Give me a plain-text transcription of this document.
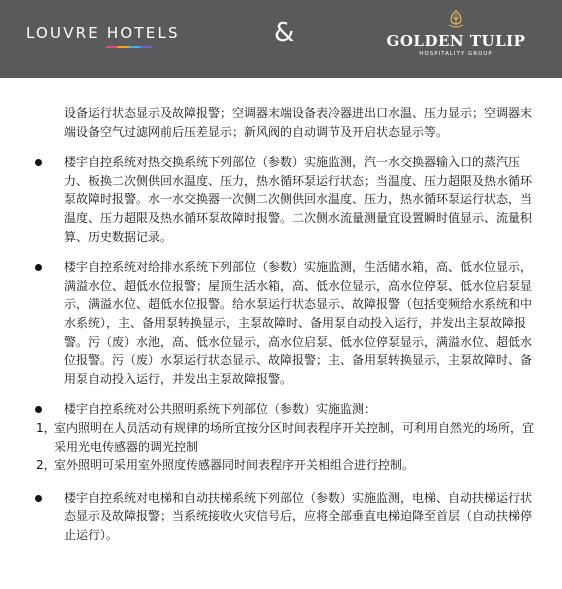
LOUVRE HOTELS	&	GOLDEN TULIP
HOSPITALITY GROUP
设备运行状态显示及故障报警；空调器末端设备表冷器进出口水温、压力显示；空调器末端设备空气过滤网前后压差显示；新风阀的自动调节及开启状态显示等。
楼宇自控系统对热交换系统下列部位（参数）实施监测，汽一水交换器输入口的蒸汽压力、板换二次侧供回水温度、压力，热水循环泵运行状态；当温度、压力超限及热水循环泵故障时报警。水一水交换器一次侧二次侧供回水温度、压力，热水循环泵运行状态，当温度、压力超限及热水循环泵故障时报警。二次侧水流量测量宜设置瞬时值显示、流量积算、历史数据记录。
楼宇自控系统对给排水系统下列部位（参数）实施监测，生活储水箱，高、低水位显示，满溢水位、超低水位报警；屋顶生活水箱，高、低水位显示，高水位停泵、低水位启泵显示，满溢水位、超低水位报警。给水泵运行状态显示、故障报警（包括变频给水系统和中水系统），主、备用泵转换显示，主泵故障时、备用泵自动投入运行，并发出主泵故障报警。污（废）水池，高、低水位显示，高水位启泵、低水位停泵显示，满溢水位、超低水位报警。污（废）水泵运行状态显示、故障报警；主、备用泵转换显示，主泵故障时、备用泵自动投入运行，并发出主泵故障报警。
楼宇自控系统对公共照明系统下列部位（参数）实施监测：
1，
室内照明在人员活动有规律的场所宜按分区时间表程序开关控制，可利用自然光的场所，宜采用光电传感器的调光控制
2，
室外照明可采用室外照度传感器同时间表程序开关相组合进行控制。
楼宇自控系统对电梯和自动扶梯系统下列部位（参数）实施监测，电梯、自动扶梯运行状态显示及故障报警；当系统接收火灾信号后，应将全部垂直电梯迫降至首层（自动扶梯停止运行）。
